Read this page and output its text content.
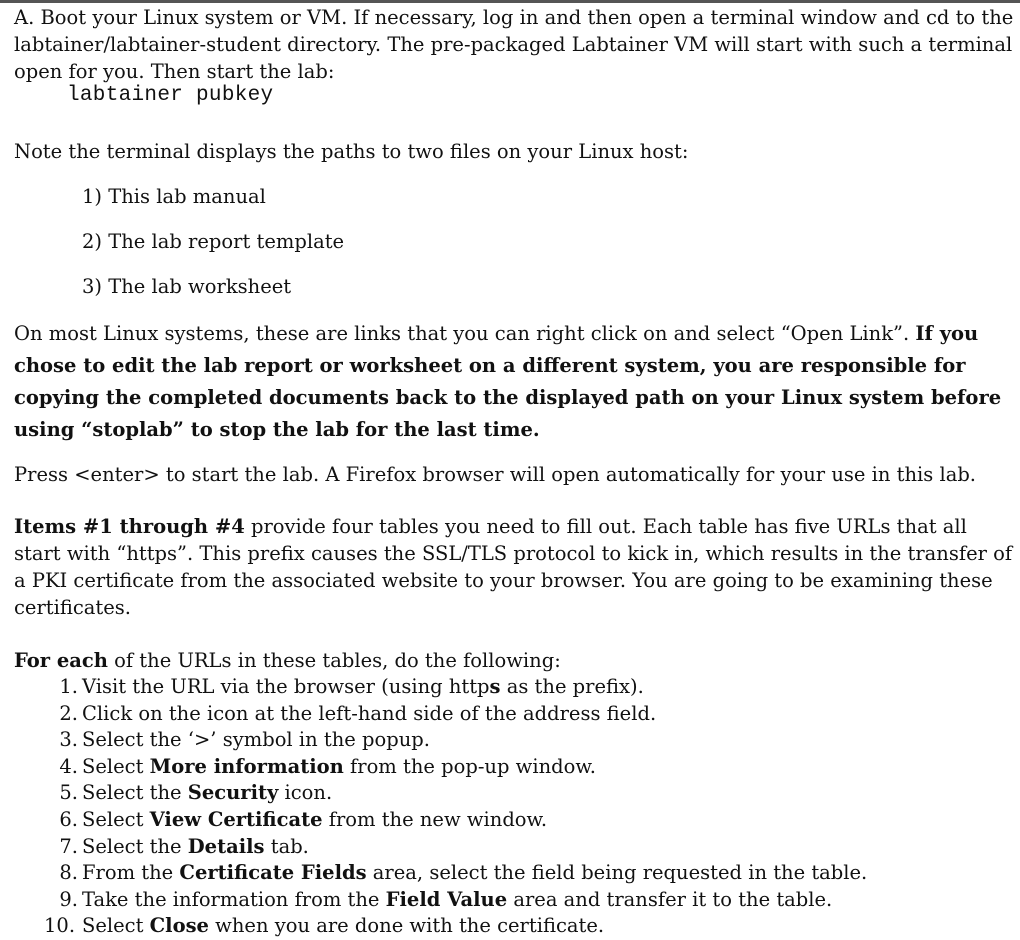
A. Boot your Linux system or VM. If necessary, log in and then open a terminal window and cd to the labtainer/labtainer-student directory. The pre-packaged Labtainer VM will start with such a terminal open for you. Then start the lab:

labtainer pubkey

Note the terminal displays the paths to two files on your Linux host:

1) This lab manual
2) The lab report template
3) The lab worksheet

On most Linux systems, these are links that you can right click on and select “Open Link”. If you chose to edit the lab report or worksheet on a different system, you are responsible for copying the completed documents back to the displayed path on your Linux system before using “stoplab” to stop the lab for the last time.

Press <enter> to start the lab. A Firefox browser will open automatically for your use in this lab.

Items #1 through #4 provide four tables you need to fill out. Each table has five URLs that all start with “https”. This prefix causes the SSL/TLS protocol to kick in, which results in the transfer of a PKI certificate from the associated website to your browser. You are going to be examining these certificates.

For each of the URLs in these tables, do the following:

1. Visit the URL via the browser (using https as the prefix).
2. Click on the icon at the left-hand side of the address field.
3. Select the ‘>’ symbol in the popup.
4. Select More information from the pop-up window.
5. Select the Security icon.
6. Select View Certificate from the new window.
7. Select the Details tab.
8. From the Certificate Fields area, select the field being requested in the table.
9. Take the information from the Field Value area and transfer it to the table.
10. Select Close when you are done with the certificate.
